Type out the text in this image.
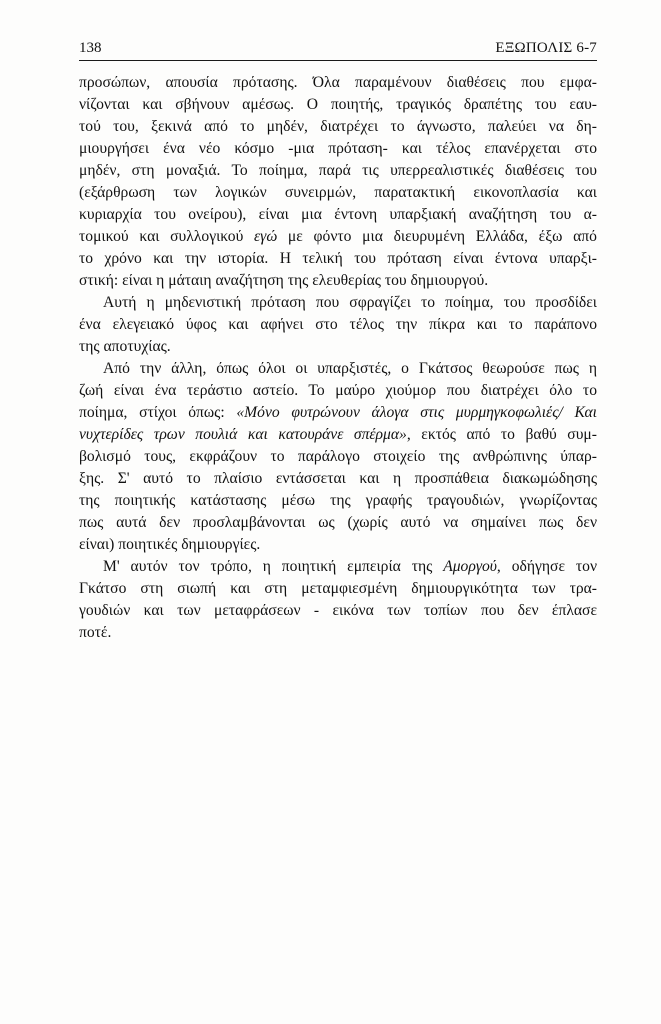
138	ΕΞΩΠΟΛΙΣ 6-7
προσώπων, απουσία πρότασης. Όλα παραμένουν διαθέσεις που εμφα-
νίζονται και σβήνουν αμέσως. Ο ποιητής, τραγικός δραπέτης του εαυ-
τού του, ξεκινά από το μηδέν, διατρέχει το άγνωστο, παλεύει να δη-
μιουργήσει ένα νέο κόσμο -μια πρόταση- και τέλος επανέρχεται στο
μηδέν, στη μοναξιά. Το ποίημα, παρά τις υπερρεαλιστικές διαθέσεις του
(εξάρθρωση των λογικών συνειρμών, παρατακτική εικονοπλασία και
κυριαρχία του ονείρου), είναι μια έντονη υπαρξιακή αναζήτηση του α-
τομικού και συλλογικού εγώ με φόντο μια διευρυμένη Ελλάδα, έξω από
το χρόνο και την ιστορία. Η τελική του πρόταση είναι έντονα υπαρξι-
στική: είναι η μάταιη αναζήτηση της ελευθερίας του δημιουργού.
Αυτή η μηδενιστική πρόταση που σφραγίζει το ποίημα, του προσδίδει
ένα ελεγειακό ύφος και αφήνει στο τέλος την πίκρα και το παράπονο
της αποτυχίας.
Από την άλλη, όπως όλοι οι υπαρξιστές, ο Γκάτσος θεωρούσε πως η
ζωή είναι ένα τεράστιο αστείο. Το μαύρο χιούμορ που διατρέχει όλο το
ποίημα, στίχοι όπως: «Μόνο φυτρώνουν άλογα στις μυρμηγκοφωλιές/ Και
νυχτερίδες τρων πουλιά και κατουράνε σπέρμα», εκτός από το βαθύ συμ-
βολισμό τους, εκφράζουν το παράλογο στοιχείο της ανθρώπινης ύπαρ-
ξης. Σ' αυτό το πλαίσιο εντάσσεται και η προσπάθεια διακωμώδησης
της ποιητικής κατάστασης μέσω της γραφής τραγουδιών, γνωρίζοντας
πως αυτά δεν προσλαμβάνονται ως (χωρίς αυτό να σημαίνει πως δεν
είναι) ποιητικές δημιουργίες.
Μ' αυτόν τον τρόπο, η ποιητική εμπειρία της Αμοργού, οδήγησε τον
Γκάτσο στη σιωπή και στη μεταμφιεσμένη δημιουργικότητα των τρα-
γουδιών και των μεταφράσεων - εικόνα των τοπίων που δεν έπλασε
ποτέ.
